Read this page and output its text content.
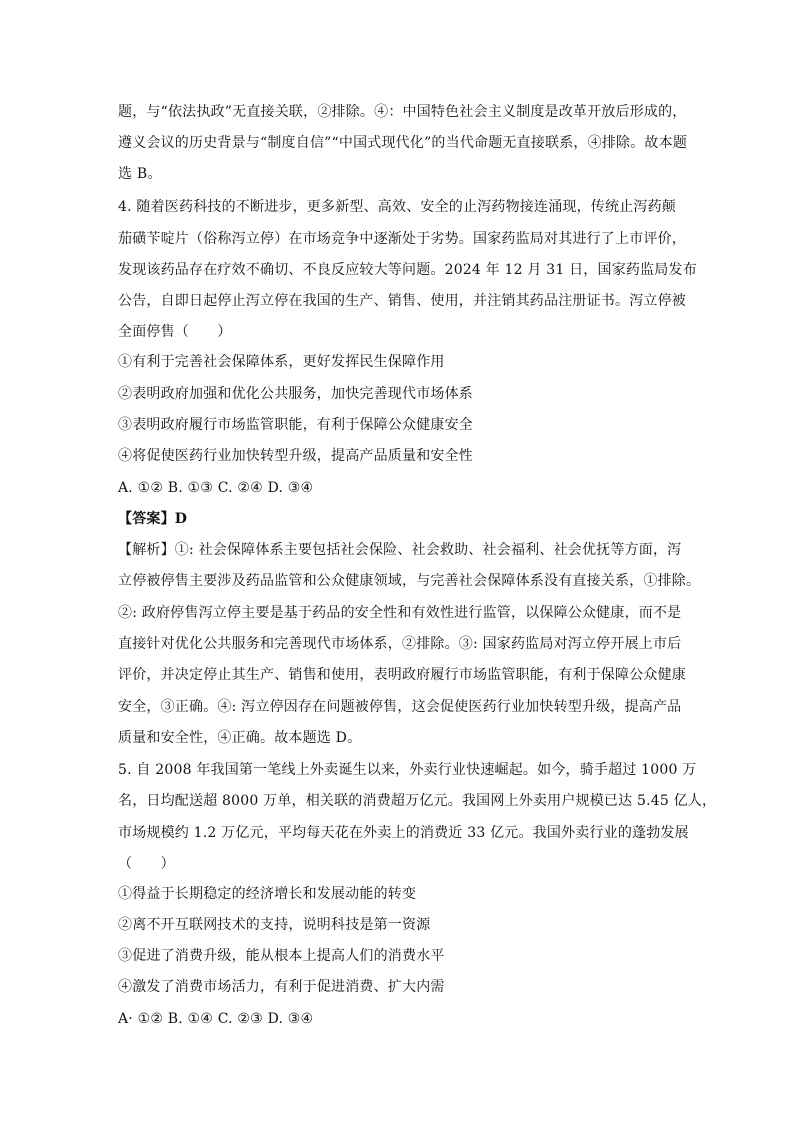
题，与“依法执政”无直接关联，②排除。④：中国特色社会主义制度是改革开放后形成的，
遵义会议的历史背景与“制度自信”“中国式现代化”的当代命题无直接联系，④排除。故本题
选 B。
4. 随着医药科技的不断进步，更多新型、高效、安全的止泻药物接连涌现，传统止泻药颠
茄磺苄啶片（俗称泻立停）在市场竞争中逐渐处于劣势。国家药监局对其进行了上市评价，
发现该药品存在疗效不确切、不良反应较大等问题。2024 年 12 月 31 日，国家药监局发布
公告，自即日起停止泻立停在我国的生产、销售、使用，并注销其药品注册证书。泻立停被
全面停售（　　）
①有利于完善社会保障体系，更好发挥民生保障作用
②表明政府加强和优化公共服务，加快完善现代市场体系
③表明政府履行市场监管职能，有利于保障公众健康安全
④将促使医药行业加快转型升级，提高产品质量和安全性
A. ①② B. ①③ C. ②④ D. ③④
【答案】D
【解析】①: 社会保障体系主要包括社会保险、社会救助、社会福利、社会优抚等方面，泻
立停被停售主要涉及药品监管和公众健康领域，与完善社会保障体系没有直接关系，①排除。
②: 政府停售泻立停主要是基于药品的安全性和有效性进行监管，以保障公众健康，而不是
直接针对优化公共服务和完善现代市场体系，②排除。③: 国家药监局对泻立停开展上市后
评价，并决定停止其生产、销售和使用，表明政府履行市场监管职能，有利于保障公众健康
安全，③正确。④: 泻立停因存在问题被停售，这会促使医药行业加快转型升级，提高产品
质量和安全性，④正确。故本题选 D。
5. 自 2008 年我国第一笔线上外卖诞生以来，外卖行业快速崛起。如今，骑手超过 1000 万
名，日均配送超 8000 万单，相关联的消费超万亿元。我国网上外卖用户规模已达 5.45 亿人，
市场规模约 1.2 万亿元，平均每天花在外卖上的消费近 33 亿元。我国外卖行业的蓬勃发展
（　　）
①得益于长期稳定的经济增长和发展动能的转变
②离不开互联网技术的支持，说明科技是第一资源
③促进了消费升级，能从根本上提高人们的消费水平
④激发了消费市场活力，有利于促进消费、扩大内需
A· ①② B. ①④ C. ②③ D. ③④
